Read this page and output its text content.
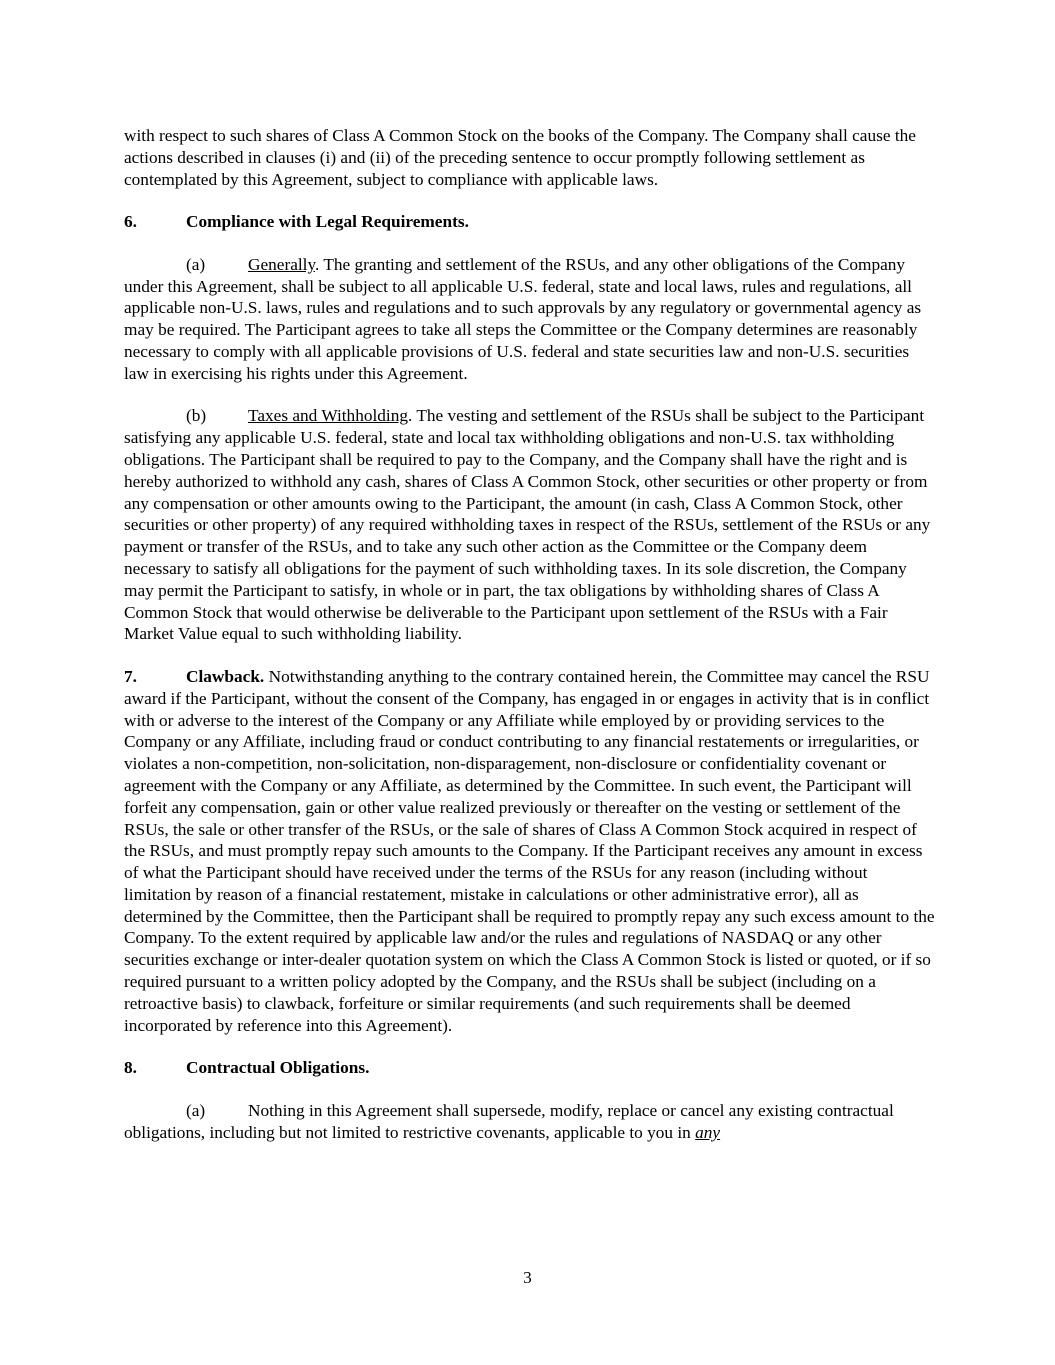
with respect to such shares of Class A Common Stock on the books of the Company. The Company shall cause the actions described in clauses (i) and (ii) of the preceding sentence to occur promptly following settlement as contemplated by this Agreement, subject to compliance with applicable laws.

6.	Compliance with Legal Requirements.

(a) Generally. The granting and settlement of the RSUs, and any other obligations of the Company under this Agreement, shall be subject to all applicable U.S. federal, state and local laws, rules and regulations, all applicable non-U.S. laws, rules and regulations and to such approvals by any regulatory or governmental agency as may be required. The Participant agrees to take all steps the Committee or the Company determines are reasonably necessary to comply with all applicable provisions of U.S. federal and state securities law and non-U.S. securities law in exercising his rights under this Agreement.

(b) Taxes and Withholding. The vesting and settlement of the RSUs shall be subject to the Participant satisfying any applicable U.S. federal, state and local tax withholding obligations and non-U.S. tax withholding obligations. The Participant shall be required to pay to the Company, and the Company shall have the right and is hereby authorized to withhold any cash, shares of Class A Common Stock, other securities or other property or from any compensation or other amounts owing to the Participant, the amount (in cash, Class A Common Stock, other securities or other property) of any required withholding taxes in respect of the RSUs, settlement of the RSUs or any payment or transfer of the RSUs, and to take any such other action as the Committee or the Company deem necessary to satisfy all obligations for the payment of such withholding taxes. In its sole discretion, the Company may permit the Participant to satisfy, in whole or in part, the tax obligations by withholding shares of Class A Common Stock that would otherwise be deliverable to the Participant upon settlement of the RSUs with a Fair Market Value equal to such withholding liability.

7.	Clawback. Notwithstanding anything to the contrary contained herein, the Committee may cancel the RSU award if the Participant, without the consent of the Company, has engaged in or engages in activity that is in conflict with or adverse to the interest of the Company or any Affiliate while employed by or providing services to the Company or any Affiliate, including fraud or conduct contributing to any financial restatements or irregularities, or violates a non-competition, non-solicitation, non-disparagement, non-disclosure or confidentiality covenant or agreement with the Company or any Affiliate, as determined by the Committee. In such event, the Participant will forfeit any compensation, gain or other value realized previously or thereafter on the vesting or settlement of the RSUs, the sale or other transfer of the RSUs, or the sale of shares of Class A Common Stock acquired in respect of the RSUs, and must promptly repay such amounts to the Company. If the Participant receives any amount in excess of what the Participant should have received under the terms of the RSUs for any reason (including without limitation by reason of a financial restatement, mistake in calculations or other administrative error), all as determined by the Committee, then the Participant shall be required to promptly repay any such excess amount to the Company. To the extent required by applicable law and/or the rules and regulations of NASDAQ or any other securities exchange or inter-dealer quotation system on which the Class A Common Stock is listed or quoted, or if so required pursuant to a written policy adopted by the Company, and the RSUs shall be subject (including on a retroactive basis) to clawback, forfeiture or similar requirements (and such requirements shall be deemed incorporated by reference into this Agreement).

8.	Contractual Obligations.

(a) Nothing in this Agreement shall supersede, modify, replace or cancel any existing contractual obligations, including but not limited to restrictive covenants, applicable to you in any

3
